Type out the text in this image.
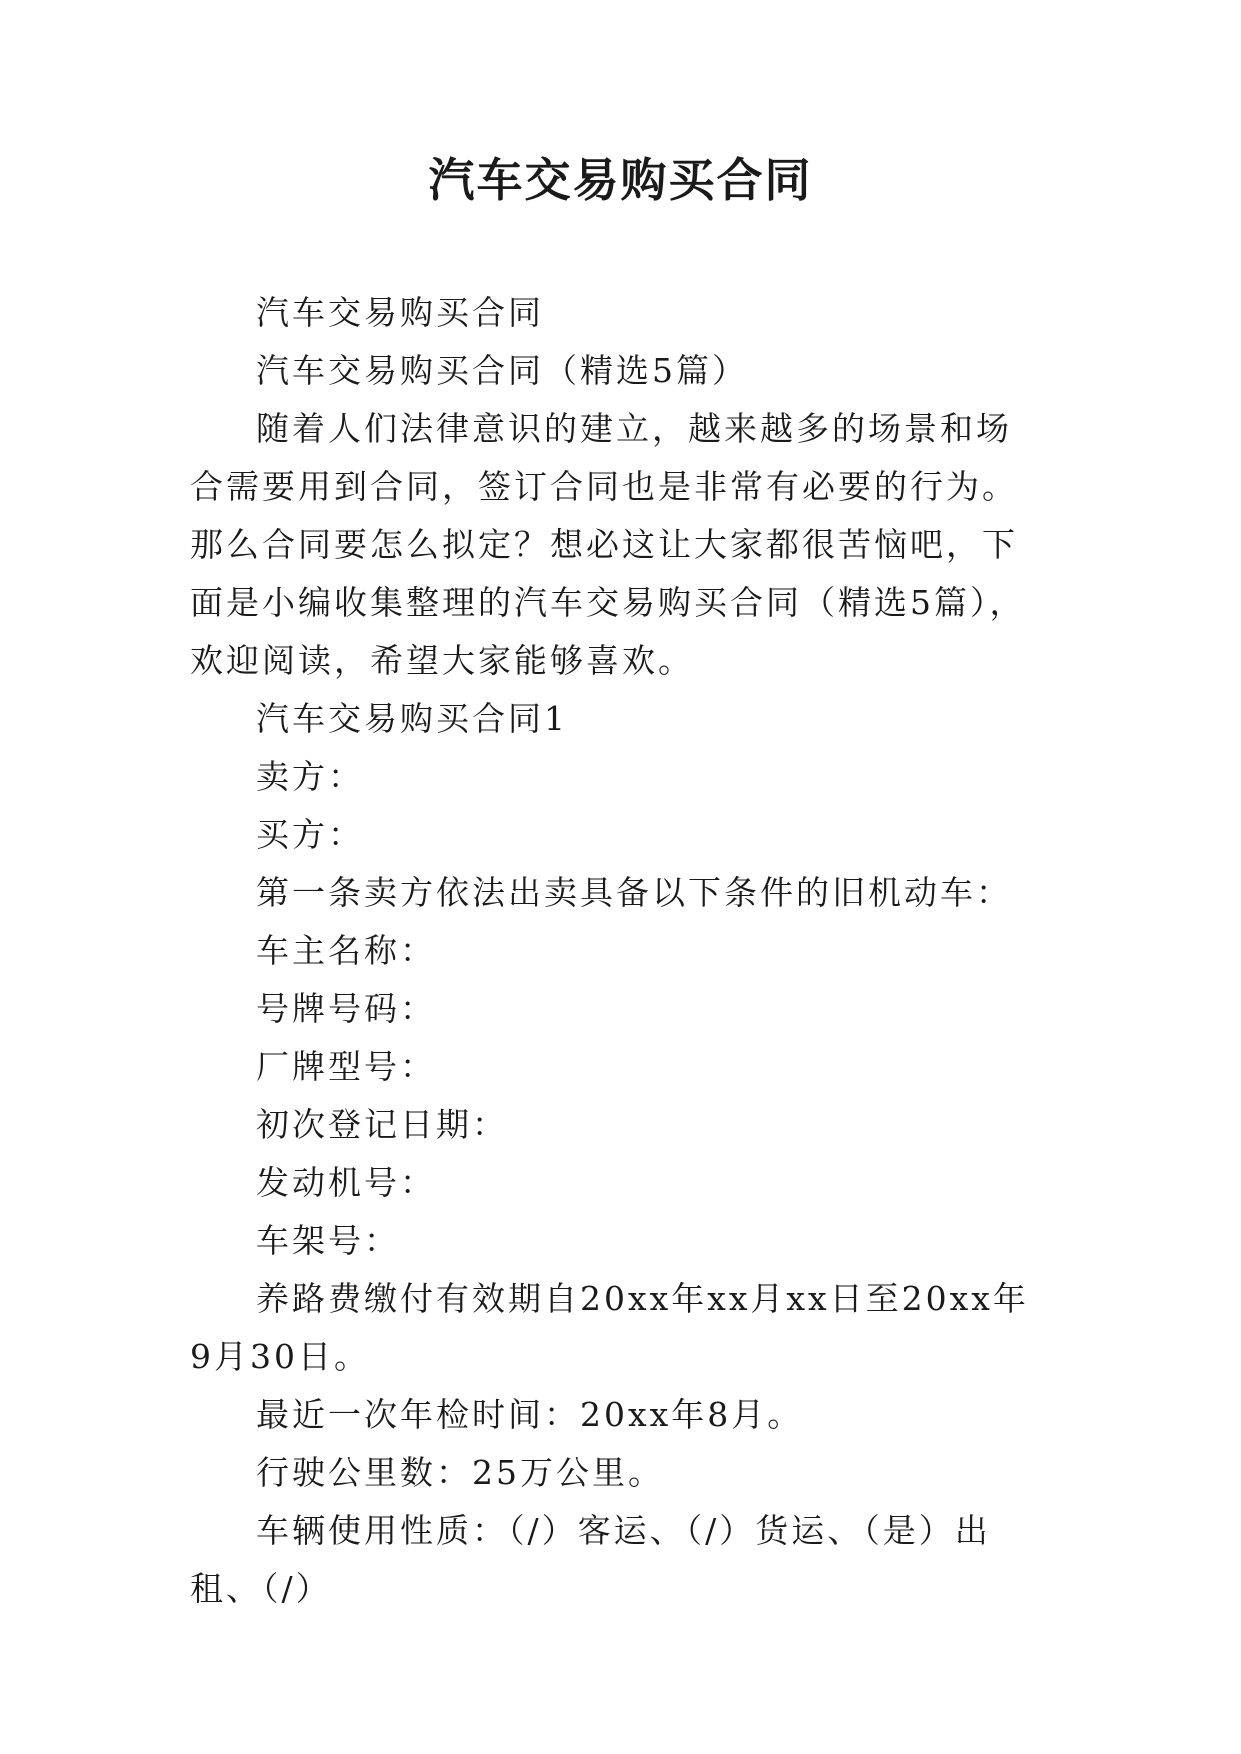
汽车交易购买合同

汽车交易购买合同

汽车交易购买合同（精选5篇）

随着人们法律意识的建立，越来越多的场景和场合需要用到合同，签订合同也是非常有必要的行为。那么合同要怎么拟定？想必这让大家都很苦恼吧，下面是小编收集整理的汽车交易购买合同（精选5篇），欢迎阅读，希望大家能够喜欢。

汽车交易购买合同1

卖方：

买方：

第一条卖方依法出卖具备以下条件的旧机动车：

车主名称：

号牌号码：

厂牌型号：

初次登记日期：

发动机号：

车架号：

养路费缴付有效期自20xx年xx月xx日至20xx年9月30日。

最近一次年检时间：20xx年8月。

行驶公里数：25万公里。

车辆使用性质：（/）客运、（/）货运、（是）出租、（/）
